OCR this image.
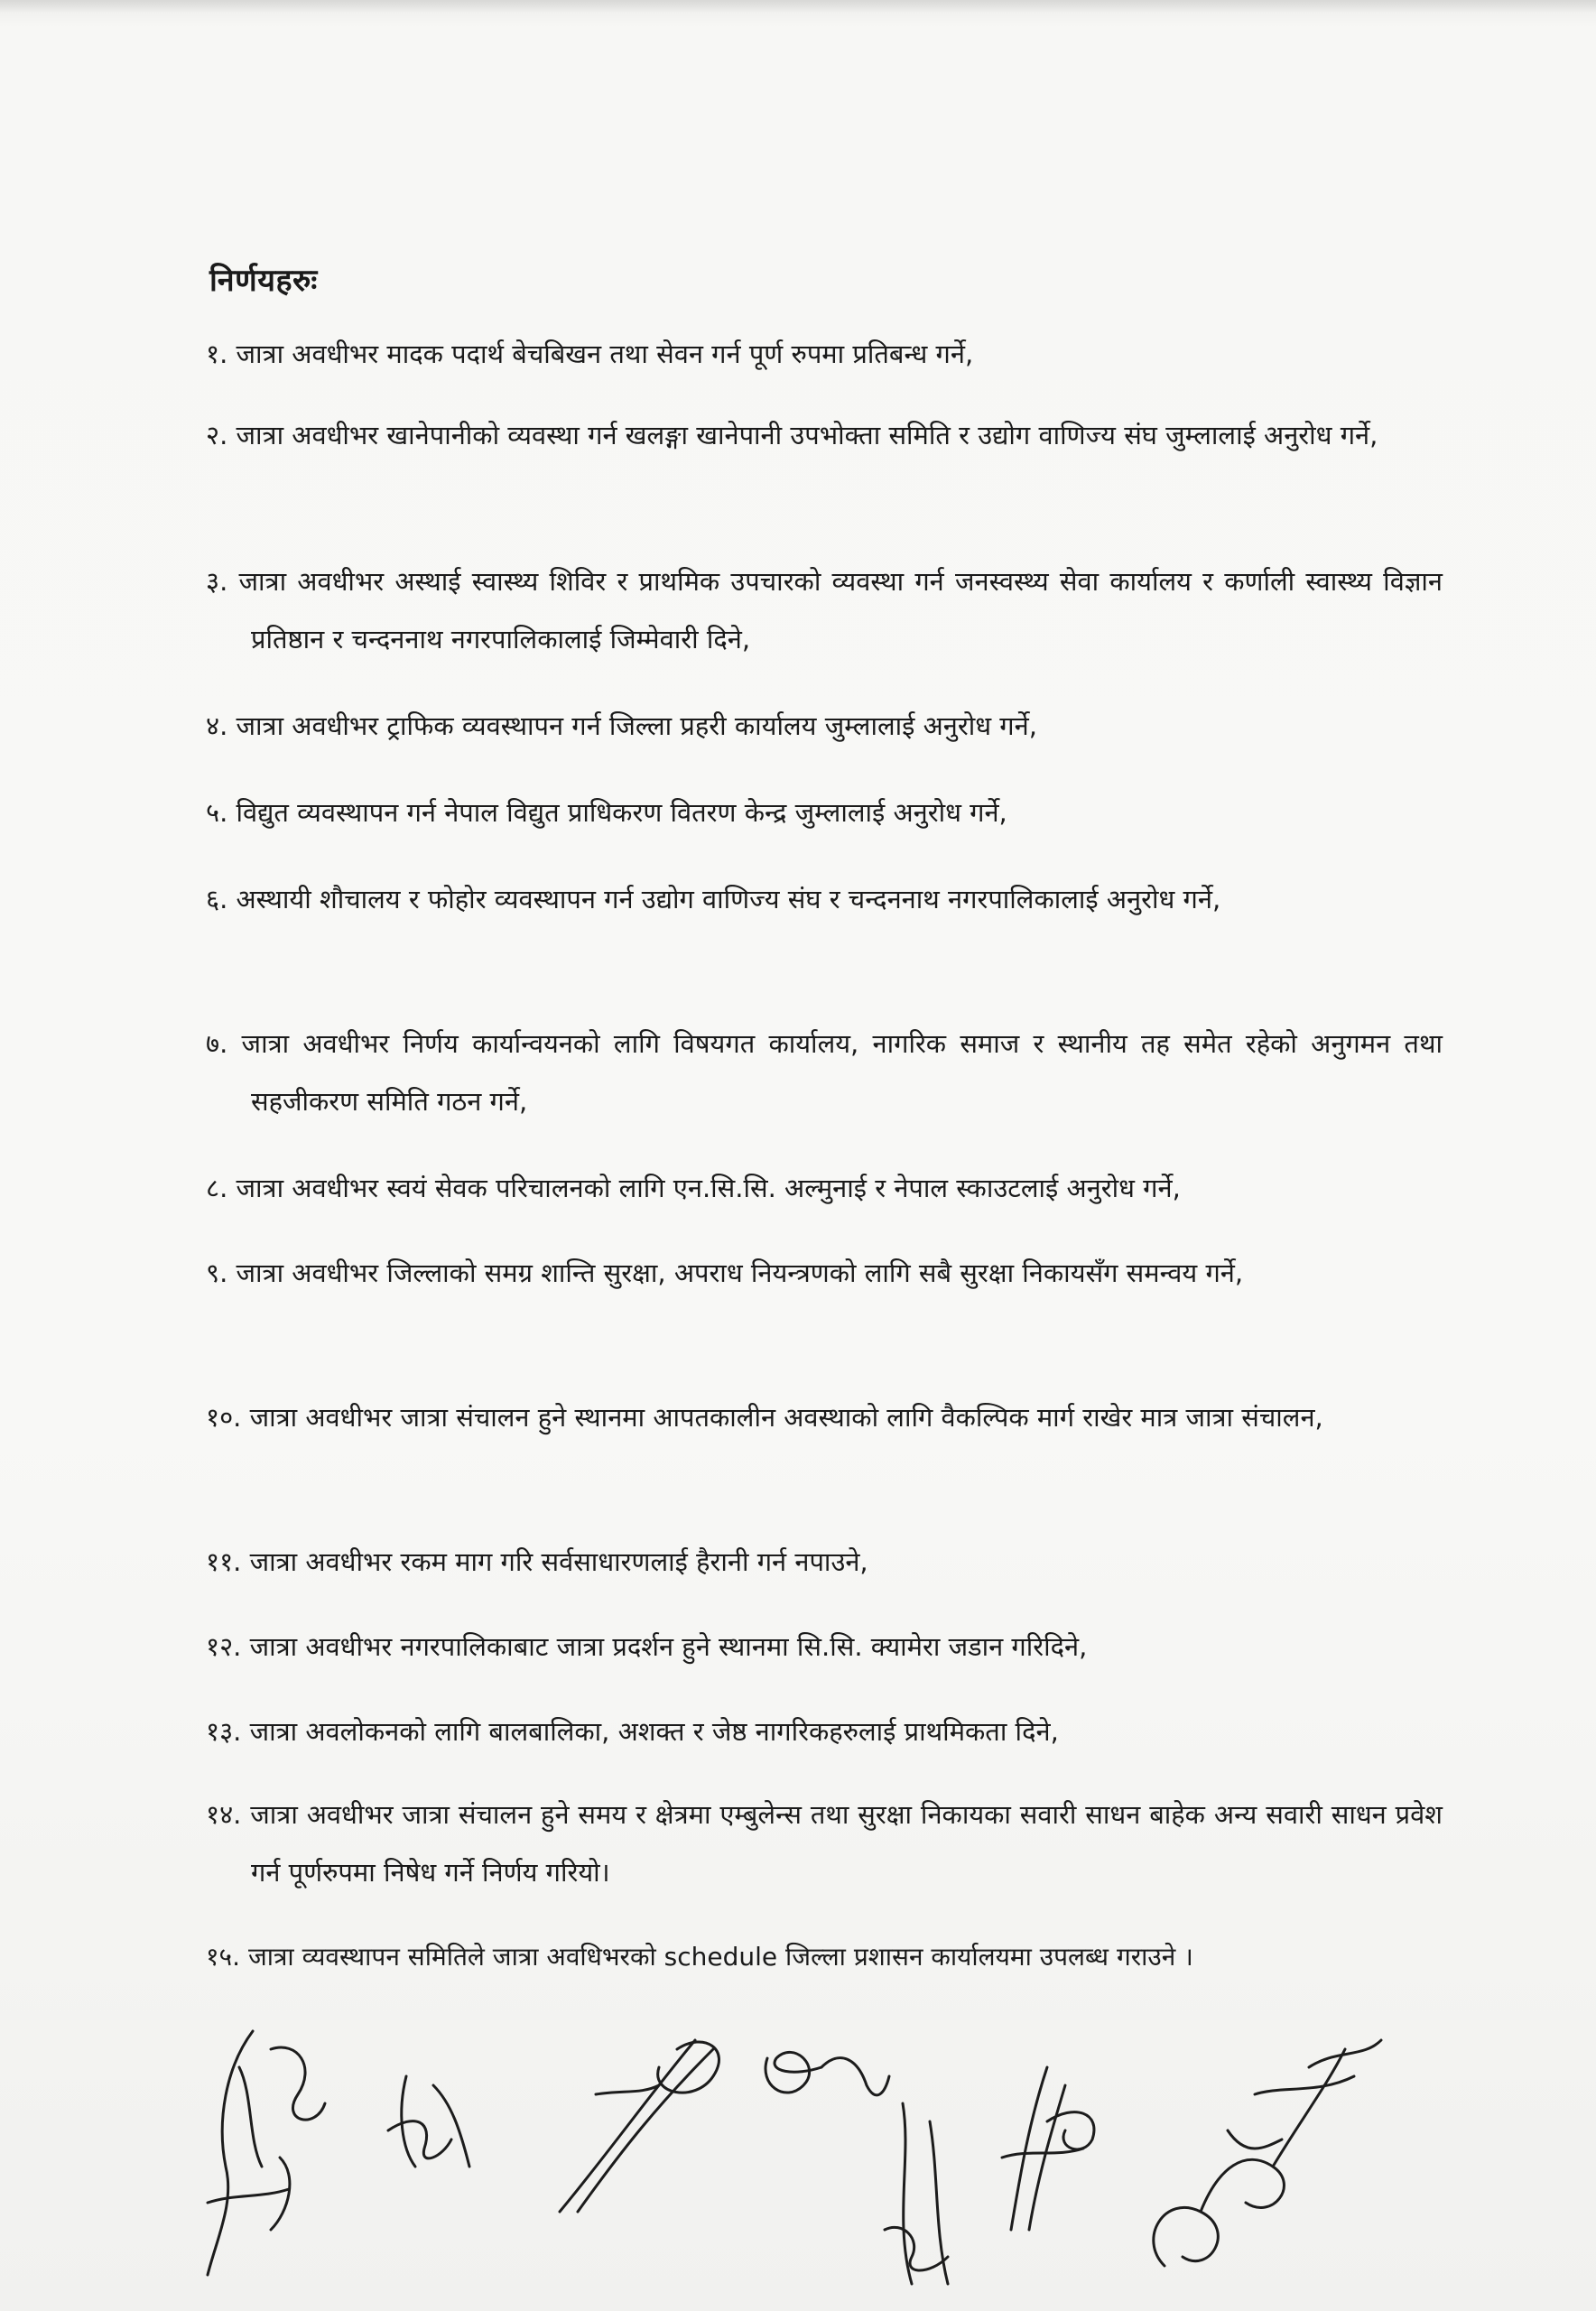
निर्णयहरुः
१. जात्रा अवधीभर मादक पदार्थ बेचबिखन तथा सेवन गर्न पूर्ण रुपमा प्रतिबन्ध गर्ने,
२. जात्रा अवधीभर खानेपानीको व्यवस्था गर्न खलङ्गा खानेपानी उपभोक्ता समिति र उद्योग वाणिज्य संघ जुम्लालाई अनुरोध गर्ने,
३. जात्रा अवधीभर अस्थाई स्वास्थ्य शिविर र प्राथमिक उपचारको व्यवस्था गर्न जनस्वस्थ्य सेवा कार्यालय र कर्णाली स्वास्थ्य विज्ञान प्रतिष्ठान र चन्दननाथ नगरपालिकालाई जिम्मेवारी दिने,
४. जात्रा अवधीभर ट्राफिक व्यवस्थापन गर्न जिल्ला प्रहरी कार्यालय जुम्लालाई अनुरोध गर्ने,
५. विद्युत व्यवस्थापन गर्न नेपाल विद्युत प्राधिकरण वितरण केन्द्र जुम्लालाई अनुरोध गर्ने,
६. अस्थायी शौचालय र फोहोर व्यवस्थापन गर्न उद्योग वाणिज्य संघ र चन्दननाथ नगरपालिकालाई अनुरोध गर्ने,
७. जात्रा अवधीभर निर्णय कार्यान्वयनको लागि विषयगत कार्यालय, नागरिक समाज र स्थानीय तह समेत रहेको अनुगमन तथा सहजीकरण समिति गठन गर्ने,
८. जात्रा अवधीभर स्वयं सेवक परिचालनको लागि एन.सि.सि. अल्मुनाई र नेपाल स्काउटलाई अनुरोध गर्ने,
९. जात्रा अवधीभर जिल्लाको समग्र शान्ति सुरक्षा, अपराध नियन्त्रणको लागि सबै सुरक्षा निकायसँग समन्वय गर्ने,
१०. जात्रा अवधीभर जात्रा संचालन हुने स्थानमा आपतकालीन अवस्थाको लागि वैकल्पिक मार्ग राखेर मात्र जात्रा संचालन,
११. जात्रा अवधीभर रकम माग गरि सर्वसाधारणलाई हैरानी गर्न नपाउने,
१२. जात्रा अवधीभर नगरपालिकाबाट जात्रा प्रदर्शन हुने स्थानमा सि.सि. क्यामेरा जडान गरिदिने,
१३. जात्रा अवलोकनको लागि बालबालिका, अशक्त र जेष्ठ नागरिकहरुलाई प्राथमिकता दिने,
१४. जात्रा अवधीभर जात्रा संचालन हुने समय र क्षेत्रमा एम्बुलेन्स तथा सुरक्षा निकायका सवारी साधन बाहेक अन्य सवारी साधन प्रवेश गर्न पूर्णरुपमा निषेध गर्ने निर्णय गरियो।
१५. जात्रा व्यवस्थापन समितिले जात्रा अवधिभरको schedule जिल्ला प्रशासन कार्यालयमा उपलब्ध गराउने ।
